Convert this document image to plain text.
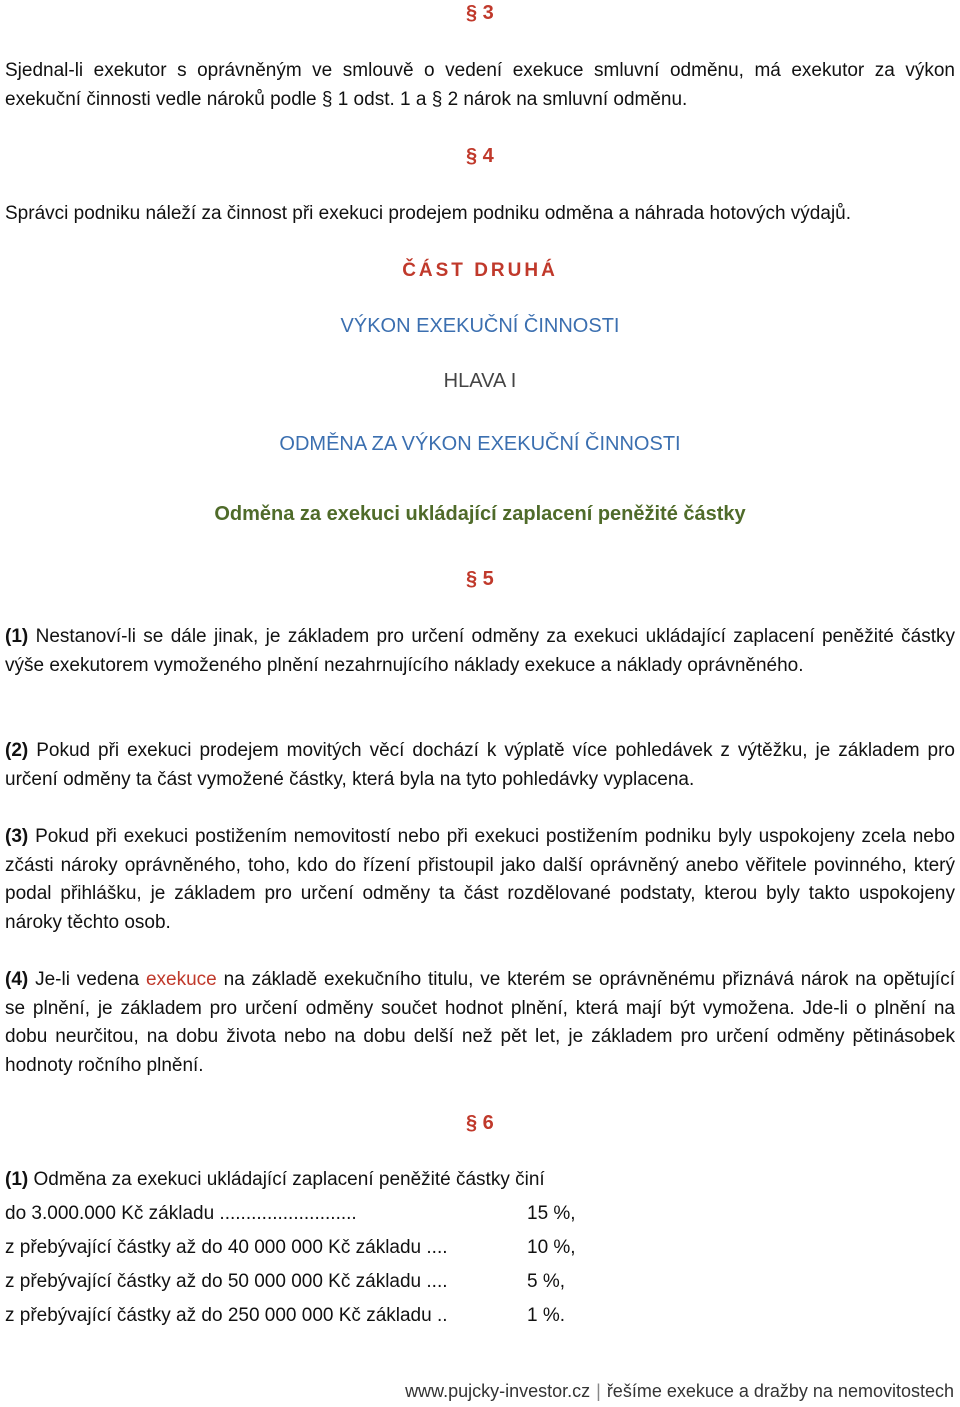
§ 3
Sjednal-li exekutor s oprávněným ve smlouvě o vedení exekuce smluvní odměnu, má exekutor za výkon exekuční činnosti vedle nároků podle § 1 odst. 1 a § 2 nárok na smluvní odměnu.
§ 4
Správci podniku náleží za činnost při exekuci prodejem podniku odměna a náhrada hotových výdajů.
ČÁST DRUHÁ
VÝKON EXEKUČNÍ ČINNOSTI
HLAVA I
ODMĚNA ZA VÝKON EXEKUČNÍ ČINNOSTI
Odměna za exekuci ukládající zaplacení peněžité částky
§ 5
(1) Nestanoví-li se dále jinak, je základem pro určení odměny za exekuci ukládající zaplacení peněžité částky výše exekutorem vymoženého plnění nezahrnujícího náklady exekuce a náklady oprávněného.
(2) Pokud při exekuci prodejem movitých věcí dochází k výplatě více pohledávek z výtěžku, je základem pro určení odměny ta část vymožené částky, která byla na tyto pohledávky vyplacena.
(3) Pokud při exekuci postižením nemovitostí nebo při exekuci postižením podniku byly uspokojeny zcela nebo zčásti nároky oprávněného, toho, kdo do řízení přistoupil jako další oprávněný anebo věřitele povinného, který podal přihlášku, je základem pro určení odměny ta část rozdělované podstaty, kterou byly takto uspokojeny nároky těchto osob.
(4) Je-li vedena exekuce na základě exekučního titulu, ve kterém se oprávněnému přiznává nárok na opětující se plnění, je základem pro určení odměny součet hodnot plnění, která mají být vymožena. Jde-li o plnění na dobu neurčitou, na dobu života nebo na dobu delší než pět let, je základem pro určení odměny pětinásobek hodnoty ročního plnění.
§ 6
(1) Odměna za exekuci ukládající zaplacení peněžité částky činí
do 3.000.000 Kč základu ..........................	15 %,
z přebývající částky až do 40 000 000 Kč základu ....	10 %,
z přebývající částky až do 50 000 000 Kč základu ....	5 %,
z přebývající částky až do 250 000 000 Kč základu ..	1 %.
www.pujcky-investor.cz | řešíme exekuce a dražby na nemovitostech
